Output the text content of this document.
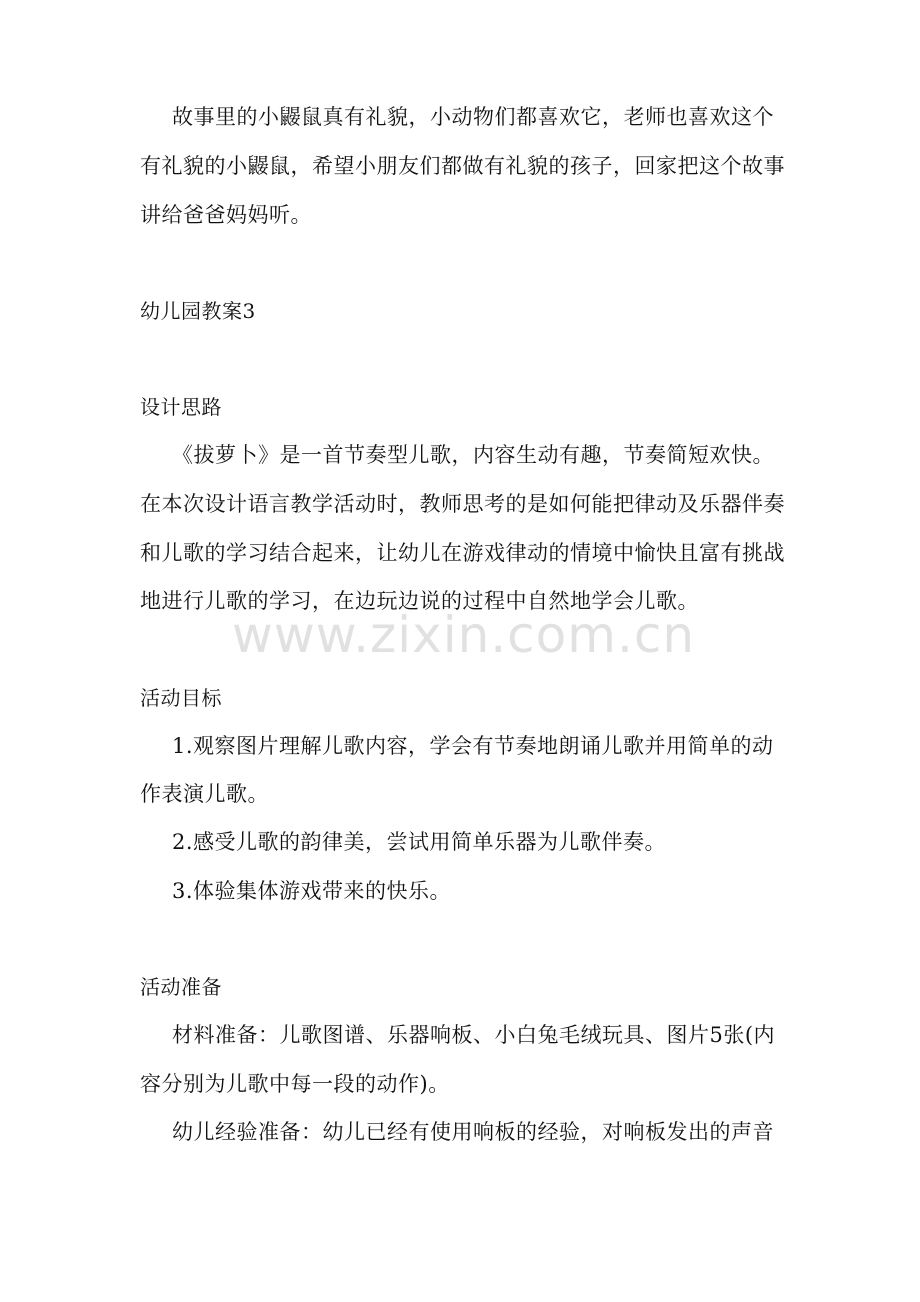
故事里的小鼹鼠真有礼貌，小动物们都喜欢它，老师也喜欢这个
有礼貌的小鼹鼠，希望小朋友们都做有礼貌的孩子，回家把这个故事
讲给爸爸妈妈听。
幼儿园教案3
设计思路
《拔萝卜》是一首节奏型儿歌，内容生动有趣，节奏简短欢快。
在本次设计语言教学活动时，教师思考的是如何能把律动及乐器伴奏
和儿歌的学习结合起来，让幼儿在游戏律动的情境中愉快且富有挑战
地进行儿歌的学习，在边玩边说的过程中自然地学会儿歌。
www.zixin.com.cn
活动目标
1.观察图片理解儿歌内容，学会有节奏地朗诵儿歌并用简单的动
作表演儿歌。
2.感受儿歌的韵律美，尝试用简单乐器为儿歌伴奏。
3.体验集体游戏带来的快乐。
活动准备
材料准备：儿歌图谱、乐器响板、小白兔毛绒玩具、图片5张(内
容分别为儿歌中每一段的动作)。
幼儿经验准备：幼儿已经有使用响板的经验，对响板发出的声音
